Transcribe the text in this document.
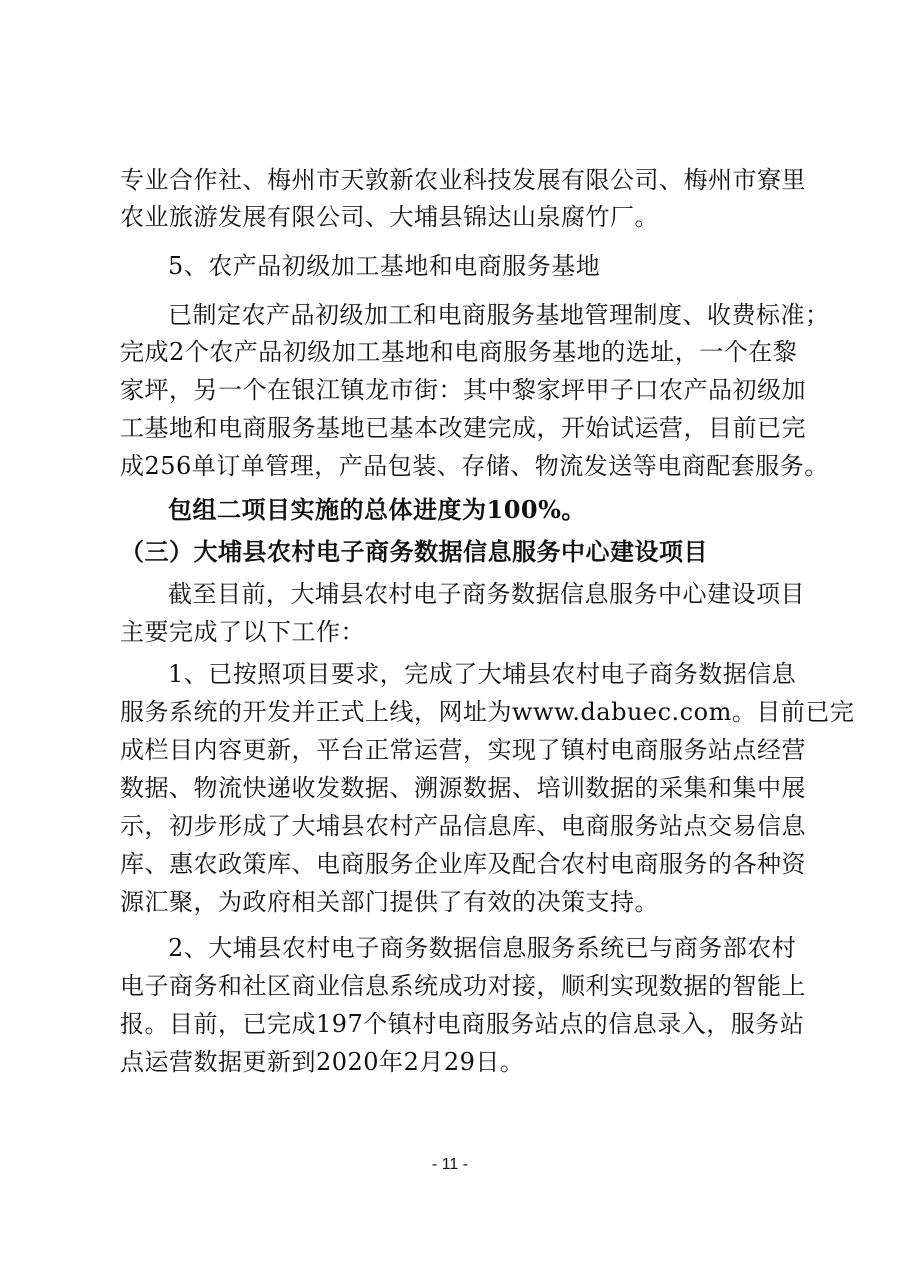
专业合作社、梅州市天敦新农业科技发展有限公司、梅州市寮里
农业旅游发展有限公司、大埔县锦达山泉腐竹厂。
5、农产品初级加工基地和电商服务基地
已制定农产品初级加工和电商服务基地管理制度、收费标准；
完成2个农产品初级加工基地和电商服务基地的选址，一个在黎
家坪，另一个在银江镇龙市街：其中黎家坪甲子口农产品初级加
工基地和电商服务基地已基本改建完成，开始试运营，目前已完
成256单订单管理，产品包装、存储、物流发送等电商配套服务。
包组二项目实施的总体进度为100%。
（三）大埔县农村电子商务数据信息服务中心建设项目
截至目前，大埔县农村电子商务数据信息服务中心建设项目
主要完成了以下工作：
1、已按照项目要求，完成了大埔县农村电子商务数据信息
服务系统的开发并正式上线，网址为www.dabuec.com。目前已完
成栏目内容更新，平台正常运营，实现了镇村电商服务站点经营
数据、物流快递收发数据、溯源数据、培训数据的采集和集中展
示，初步形成了大埔县农村产品信息库、电商服务站点交易信息
库、惠农政策库、电商服务企业库及配合农村电商服务的各种资
源汇聚，为政府相关部门提供了有效的决策支持。
2、大埔县农村电子商务数据信息服务系统已与商务部农村
电子商务和社区商业信息系统成功对接，顺利实现数据的智能上
报。目前，已完成197个镇村电商服务站点的信息录入，服务站
点运营数据更新到2020年2月29日。
- 11 -
